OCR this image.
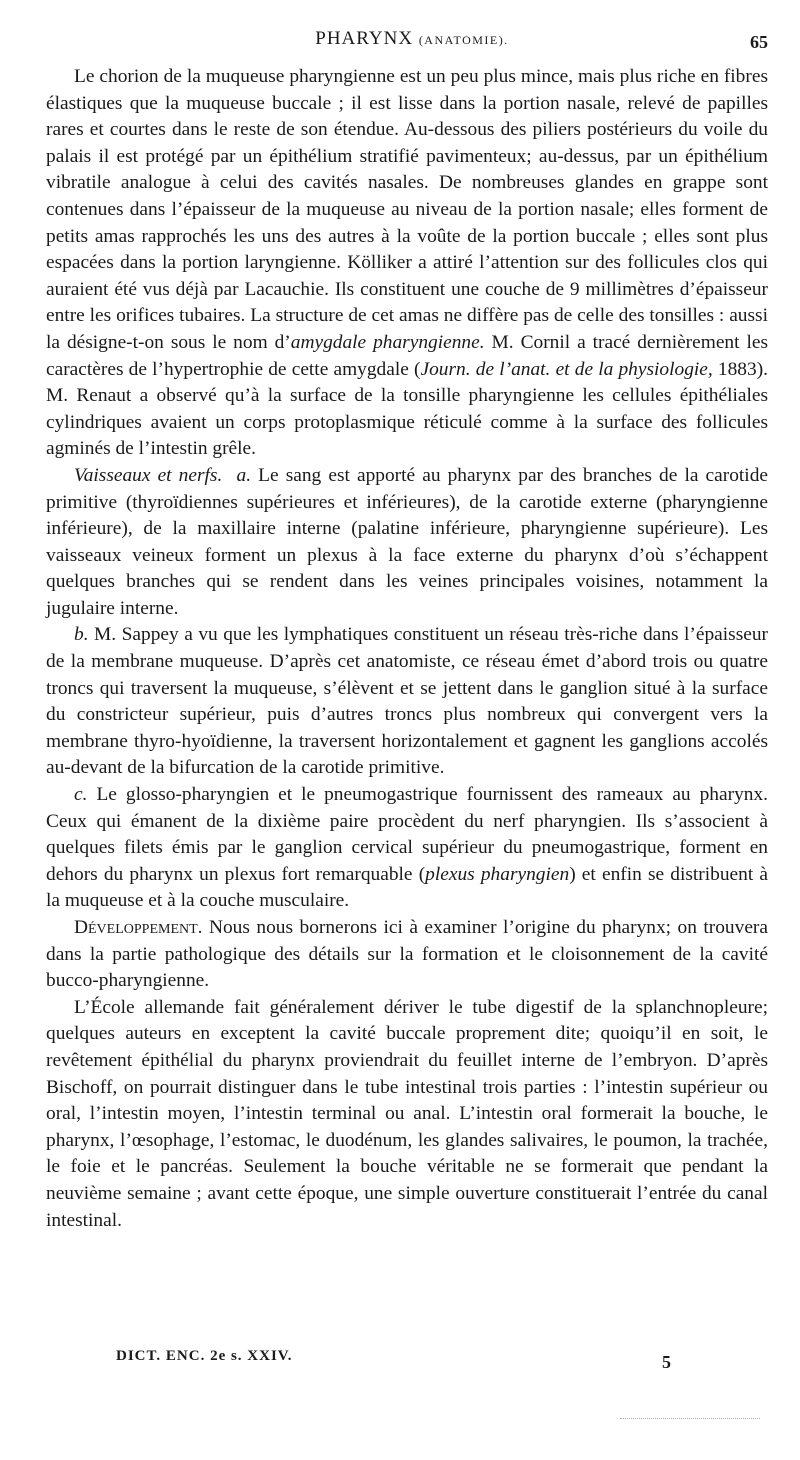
PHARYNX (ANATOMIE).	65

Le chorion de la muqueuse pharyngienne est un peu plus mince, mais plus riche en fibres élastiques que la muqueuse buccale ; il est lisse dans la portion nasale, relevé de papilles rares et courtes dans le reste de son étendue. Au-dessous des piliers postérieurs du voile du palais il est protégé par un épithélium stratifié pavimenteux; au-dessus, par un épithélium vibratile analogue à celui des cavités nasales. De nombreuses glandes en grappe sont contenues dans l’épaisseur de la muqueuse au niveau de la portion nasale; elles forment de petits amas rapprochés les uns des autres à la voûte de la portion buccale ; elles sont plus espacées dans la portion laryngienne. Kölliker a attiré l’attention sur des follicules clos qui auraient été vus déjà par Lacauchie. Ils constituent une couche de 9 millimètres d’épaisseur entre les orifices tubaires. La structure de cet amas ne diffère pas de celle des tonsilles : aussi la désigne-t-on sous le nom d’amygdale pharyngienne. M. Cornil a tracé dernièrement les caractères de l’hypertrophie de cette amygdale (Journ. de l’anat. et de la physiologie, 1883). M. Renaut a observé qu’à la surface de la tonsille pharyngienne les cellules épithéliales cylindriques avaient un corps protoplasmique réticulé comme à la surface des follicules agminés de l’intestin grêle.

Vaisseaux et nerfs. a. Le sang est apporté au pharynx par des branches de la carotide primitive (thyroïdiennes supérieures et inférieures), de la carotide externe (pharyngienne inférieure), de la maxillaire interne (palatine inférieure, pharyngienne supérieure). Les vaisseaux veineux forment un plexus à la face externe du pharynx d’où s’échappent quelques branches qui se rendent dans les veines principales voisines, notamment la jugulaire interne.

b. M. Sappey a vu que les lymphatiques constituent un réseau très-riche dans l’épaisseur de la membrane muqueuse. D’après cet anatomiste, ce réseau émet d’abord trois ou quatre troncs qui traversent la muqueuse, s’élèvent et se jettent dans le ganglion situé à la surface du constricteur supérieur, puis d’autres troncs plus nombreux qui convergent vers la membrane thyro-hyoïdienne, la traversent horizontalement et gagnent les ganglions accolés au-devant de la bifurcation de la carotide primitive.

c. Le glosso-pharyngien et le pneumogastrique fournissent des rameaux au pharynx. Ceux qui émanent de la dixième paire procèdent du nerf pharyngien. Ils s’associent à quelques filets émis par le ganglion cervical supérieur du pneumogastrique, forment en dehors du pharynx un plexus fort remarquable (plexus pharyngien) et enfin se distribuent à la muqueuse et à la couche musculaire.

Développement. Nous nous bornerons ici à examiner l’origine du pharynx; on trouvera dans la partie pathologique des détails sur la formation et le cloisonnement de la cavité bucco-pharyngienne.

L’École allemande fait généralement dériver le tube digestif de la splanchnopleure; quelques auteurs en exceptent la cavité buccale proprement dite; quoiqu’il en soit, le revêtement épithélial du pharynx proviendrait du feuillet interne de l’embryon. D’après Bischoff, on pourrait distinguer dans le tube intestinal trois parties : l’intestin supérieur ou oral, l’intestin moyen, l’intestin terminal ou anal. L’intestin oral formerait la bouche, le pharynx, l’œsophage, l’estomac, le duodénum, les glandes salivaires, le poumon, la trachée, le foie et le pancréas. Seulement la bouche véritable ne se formerait que pendant la neuvième semaine ; avant cette époque, une simple ouverture constituerait l’entrée du canal intestinal.

DICT. ENC. 2e s. XXIV.	5
